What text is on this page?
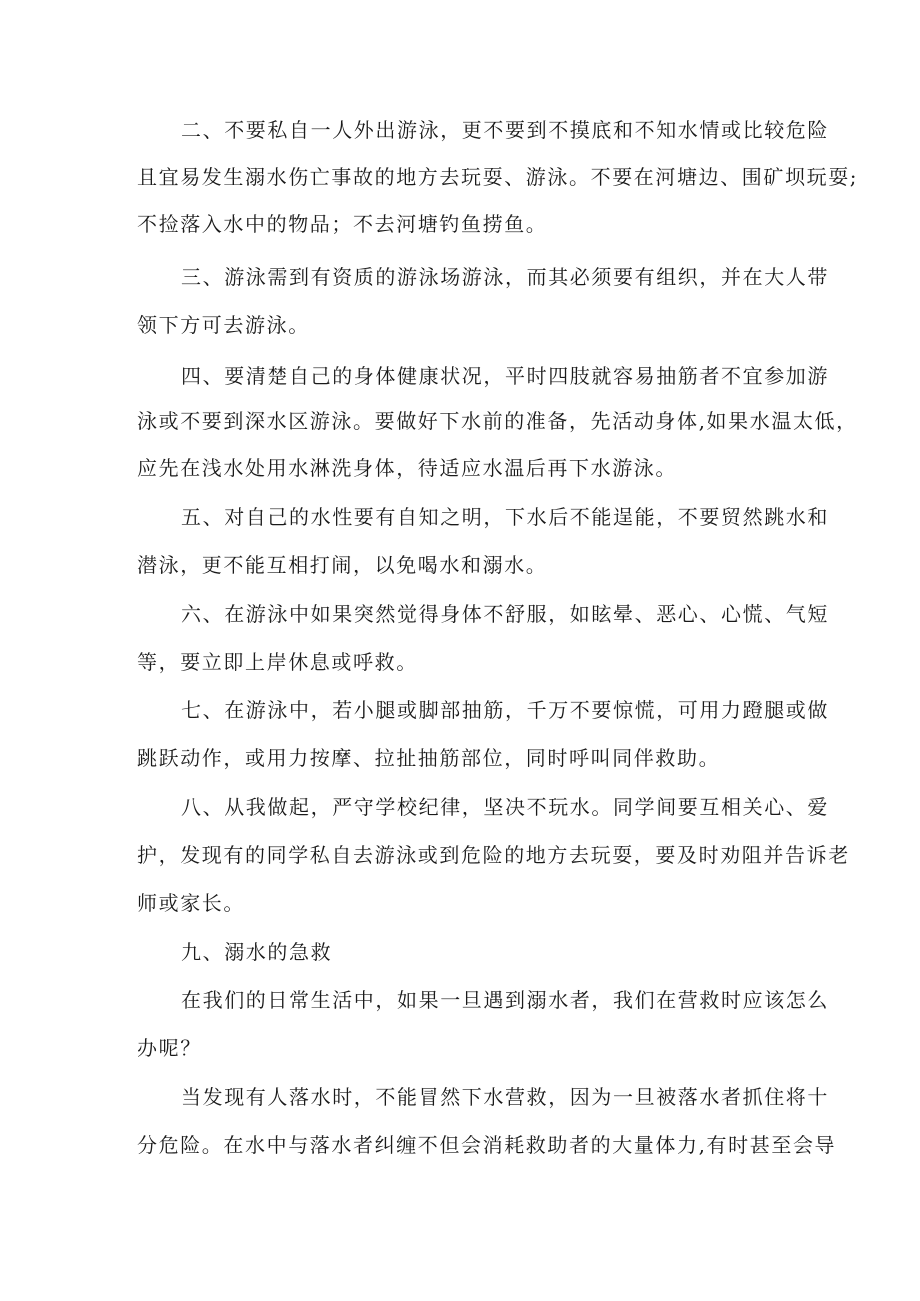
二、不要私自一人外出游泳，更不要到不摸底和不知水情或比较危险
且宜易发生溺水伤亡事故的地方去玩耍、游泳。不要在河塘边、围矿坝玩耍;
不捡落入水中的物品；不去河塘钓鱼捞鱼。
三、游泳需到有资质的游泳场游泳，而其必须要有组织，并在大人带
领下方可去游泳。
四、要清楚自己的身体健康状况，平时四肢就容易抽筋者不宜参加游
泳或不要到深水区游泳。要做好下水前的准备，先活动身体,如果水温太低，
应先在浅水处用水淋洗身体，待适应水温后再下水游泳。
五、对自己的水性要有自知之明，下水后不能逞能，不要贸然跳水和
潜泳，更不能互相打闹，以免喝水和溺水。
六、在游泳中如果突然觉得身体不舒服，如眩晕、恶心、心慌、气短
等，要立即上岸休息或呼救。
七、在游泳中，若小腿或脚部抽筋，千万不要惊慌，可用力蹬腿或做
跳跃动作，或用力按摩、拉扯抽筋部位，同时呼叫同伴救助。
八、从我做起，严守学校纪律，坚决不玩水。同学间要互相关心、爱
护，发现有的同学私自去游泳或到危险的地方去玩耍，要及时劝阻并告诉老
师或家长。
九、溺水的急救
在我们的日常生活中，如果一旦遇到溺水者，我们在营救时应该怎么
办呢？
当发现有人落水时，不能冒然下水营救，因为一旦被落水者抓住将十
分危险。在水中与落水者纠缠不但会消耗救助者的大量体力,有时甚至会导
